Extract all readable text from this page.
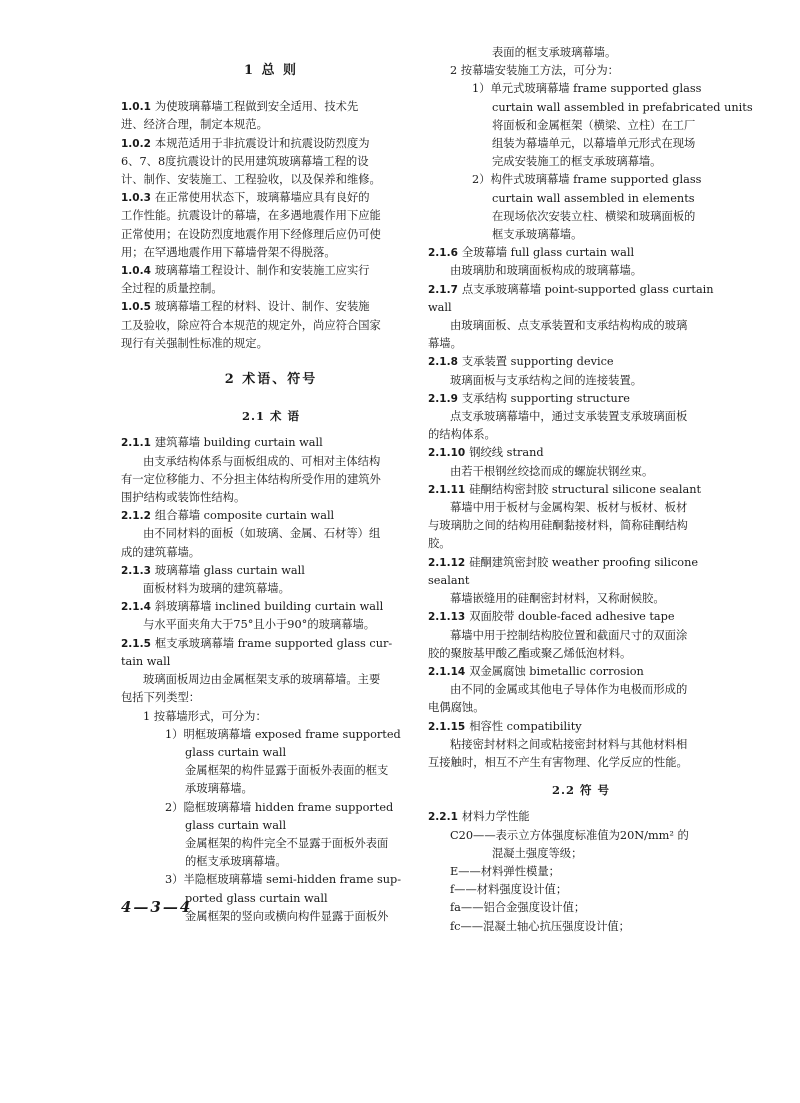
1 总 则
1.0.1 为使玻璃幕墙工程做到安全适用、技术先
进、经济合理，制定本规范。
1.0.2 本规范适用于非抗震设计和抗震设防烈度为
6、7、8度抗震设计的民用建筑玻璃幕墙工程的设
计、制作、安装施工、工程验收，以及保养和维修。
1.0.3 在正常使用状态下，玻璃幕墙应具有良好的
工作性能。抗震设计的幕墙，在多遇地震作用下应能
正常使用；在设防烈度地震作用下经修理后应仍可使
用；在罕遇地震作用下幕墙骨架不得脱落。
1.0.4 玻璃幕墙工程设计、制作和安装施工应实行
全过程的质量控制。
1.0.5 玻璃幕墙工程的材料、设计、制作、安装施
工及验收，除应符合本规范的规定外，尚应符合国家
现行有关强制性标准的规定。
2 术语、符号
2.1 术 语
2.1.1 建筑幕墙 building curtain wall
由支承结构体系与面板组成的、可相对主体结构
有一定位移能力、不分担主体结构所受作用的建筑外
围护结构或装饰性结构。
2.1.2 组合幕墙 composite curtain wall
由不同材料的面板（如玻璃、金属、石材等）组
成的建筑幕墙。
2.1.3 玻璃幕墙 glass curtain wall
面板材料为玻璃的建筑幕墙。
2.1.4 斜玻璃幕墙 inclined building curtain wall
与水平面夹角大于75°且小于90°的玻璃幕墙。
2.1.5 框支承玻璃幕墙 frame supported glass cur-
tain wall
玻璃面板周边由金属框架支承的玻璃幕墙。主要
包括下列类型：
1 按幕墙形式，可分为：
1）明框玻璃幕墙 exposed frame supported
glass curtain wall
金属框架的构件显露于面板外表面的框支
承玻璃幕墙。
2）隐框玻璃幕墙 hidden frame supported
glass curtain wall
金属框架的构件完全不显露于面板外表面
的框支承玻璃幕墙。
3）半隐框玻璃幕墙 semi-hidden frame sup-
ported glass curtain wall
金属框架的竖向或横向构件显露于面板外
表面的框支承玻璃幕墙。
2 按幕墙安装施工方法，可分为：
1）单元式玻璃幕墙 frame supported glass
curtain wall assembled in prefabricated units
将面板和金属框架（横梁、立柱）在工厂
组装为幕墙单元，以幕墙单元形式在现场
完成安装施工的框支承玻璃幕墙。
2）构件式玻璃幕墙 frame supported glass
curtain wall assembled in elements
在现场依次安装立柱、横梁和玻璃面板的
框支承玻璃幕墙。
2.1.6 全玻幕墙 full glass curtain wall
由玻璃肋和玻璃面板构成的玻璃幕墙。
2.1.7 点支承玻璃幕墙 point-supported glass curtain
wall
由玻璃面板、点支承装置和支承结构构成的玻璃
幕墙。
2.1.8 支承装置 supporting device
玻璃面板与支承结构之间的连接装置。
2.1.9 支承结构 supporting structure
点支承玻璃幕墙中，通过支承装置支承玻璃面板
的结构体系。
2.1.10 钢绞线 strand
由若干根钢丝绞捻而成的螺旋状钢丝束。
2.1.11 硅酮结构密封胶 structural silicone sealant
幕墙中用于板材与金属构架、板材与板材、板材
与玻璃肋之间的结构用硅酮黏接材料，简称硅酮结构
胶。
2.1.12 硅酮建筑密封胶 weather proofing silicone
sealant
幕墙嵌缝用的硅酮密封材料，又称耐候胶。
2.1.13 双面胶带 double-faced adhesive tape
幕墙中用于控制结构胶位置和截面尺寸的双面涂
胶的聚胺基甲酸乙酯或聚乙烯低泡材料。
2.1.14 双金属腐蚀 bimetallic corrosion
由不同的金属或其他电子导体作为电极而形成的
电偶腐蚀。
2.1.15 相容性 compatibility
粘接密封材料之间或粘接密封材料与其他材料相
互接触时，相互不产生有害物理、化学反应的性能。
2.2 符 号
2.2.1 材料力学性能
C20——表示立方体强度标准值为20N/mm² 的
混凝土强度等级；
E——材料弹性模量；
f——材料强度设计值；
fa——铝合金强度设计值；
fc——混凝土轴心抗压强度设计值；
4—3—4
